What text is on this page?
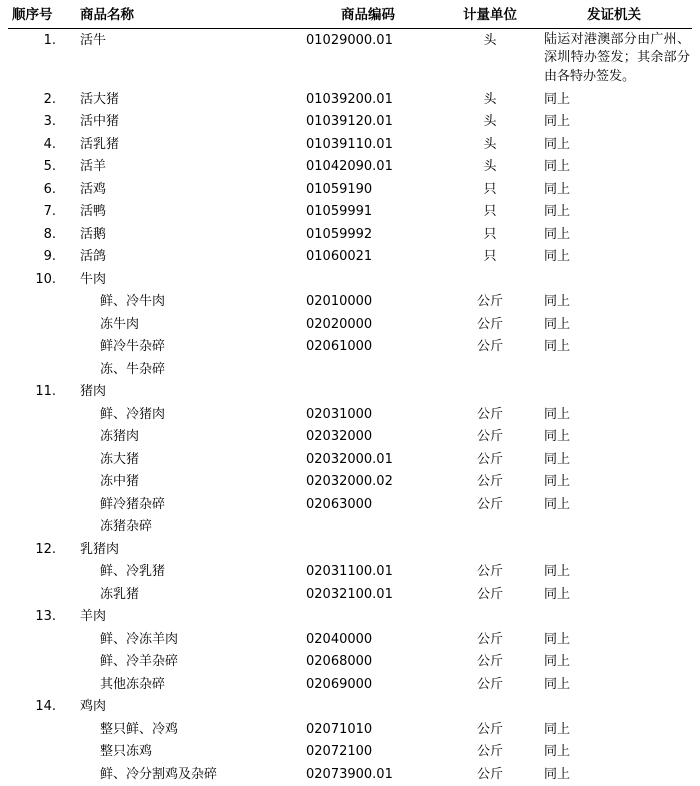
顺序号	商品名称	商品编码	计量单位	发证机关

1.	活牛	01029000.01	头	陆运对港澳部分由广州、深圳特办签发；其余部分由各特办签发。
2.	活大猪	01039200.01	头	同上
3.	活中猪	01039120.01	头	同上
4.	活乳猪	01039110.01	头	同上
5.	活羊	01042090.01	头	同上
6.	活鸡	01059190	只	同上
7.	活鸭	01059991	只	同上
8.	活鹅	01059992	只	同上
9.	活鸽	01060021	只	同上
10.	牛肉			
	鲜、冷牛肉	02010000	公斤	同上
	冻牛肉	02020000	公斤	同上
	鲜冷牛杂碎	02061000	公斤	同上
	冻、牛杂碎			
11.	猪肉			
	鲜、冷猪肉	02031000	公斤	同上
	冻猪肉	02032000	公斤	同上
	冻大猪	02032000.01	公斤	同上
	冻中猪	02032000.02	公斤	同上
	鲜冷猪杂碎	02063000	公斤	同上
	冻猪杂碎			
12.	乳猪肉			
	鲜、冷乳猪	02031100.01	公斤	同上
	冻乳猪	02032100.01	公斤	同上
13.	羊肉			
	鲜、冷冻羊肉	02040000	公斤	同上
	鲜、冷羊杂碎	02068000	公斤	同上
	其他冻杂碎	02069000	公斤	同上
14.	鸡肉			
	整只鲜、冷鸡	02071010	公斤	同上
	整只冻鸡	02072100	公斤	同上
	鲜、冷分割鸡及杂碎	02073900.01	公斤	同上
